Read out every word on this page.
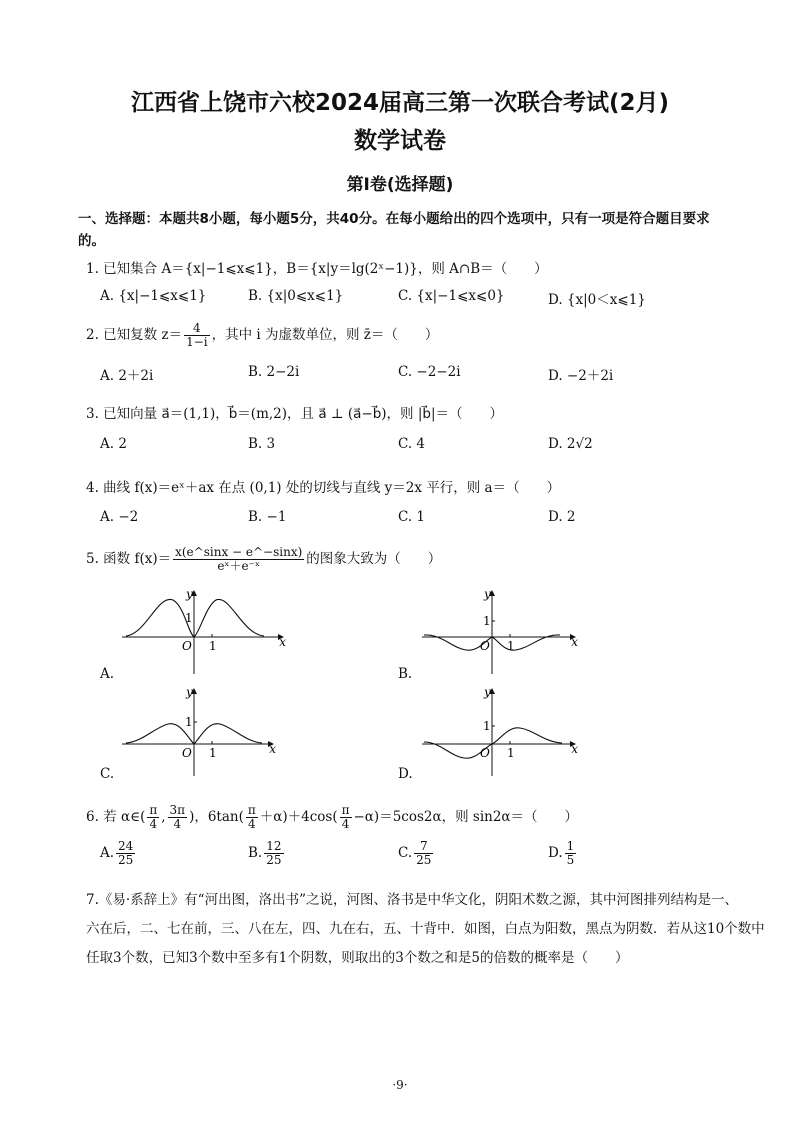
江西省上饶市六校2024届高三第一次联合考试(2月)
数学试卷
第I卷(选择题)
一、选择题：本题共8小题，每小题5分，共40分。在每小题给出的四个选项中，只有一项是符合题目要求
的。
1. 已知集合 A＝{x|−1⩽x⩽1}，B＝{x|y＝lg(2ˣ−1)}，则 A∩B＝（　　）
A. {x|−1⩽x⩽1}	B. {x|0⩽x⩽1}	C. {x|−1⩽x⩽0}	D. {x|0＜x⩽1}
2. 已知复数 $z= \frac{4}{1-i}$ ，其中 i 为虚数单位，则 z̄＝（　　）
A. 2＋2i	B. 2−2i	C. −2−2i	D. −2＋2i
3. 已知向量 a⃗＝(1,1)，b⃗＝(m,2)，且 a⃗ ⊥ (a⃗−b⃗)，则 |b⃗|＝（　　）
A. 2	B. 3	C. 4	D. 2√2
4. 曲线 f(x)＝eˣ＋ax 在点 (0,1) 处的切线与直线 y＝2x 平行，则 a＝（　　）
A. −2	B. −1	C. 1	D. 2
5. 函数 $f(x)= \frac{x(e\^{}\sin x - e\^{}-\sin x)}{\text{eˣ＋e⁻ˣ}}$ 的图象大致为（　　）
x
y
O 1
1
A.
x
y
O 1
1
B.
x
y
O 1
1
C.
x
y
O 1
1
D.
6. 若 α∈( $\frac{\pi}{4}$ , $\frac{3\pi}{4}$ )，$6\tan( \frac{\pi}{4} +\alpha)+4\cos( \frac{\pi}{4} -\alpha)=5\cos 2\alpha$，则 sin2α＝（　　）
A. $\frac{24}{25}$	B. $\frac{12}{25}$	C. $\frac{7}{25}$	D. $\frac{1}{5}$
7.《易·系辞上》有“河出图，洛出书”之说，河图、洛书是中华文化，阴阳术数之源，其中河图排列结构是一、
六在后，二、七在前，三、八在左，四、九在右，五、十背中．如图，白点为阳数，黑点为阴数．若从这10个数中
任取3个数，已知3个数中至多有1个阴数，则取出的3个数之和是5的倍数的概率是（　　）
·9·
